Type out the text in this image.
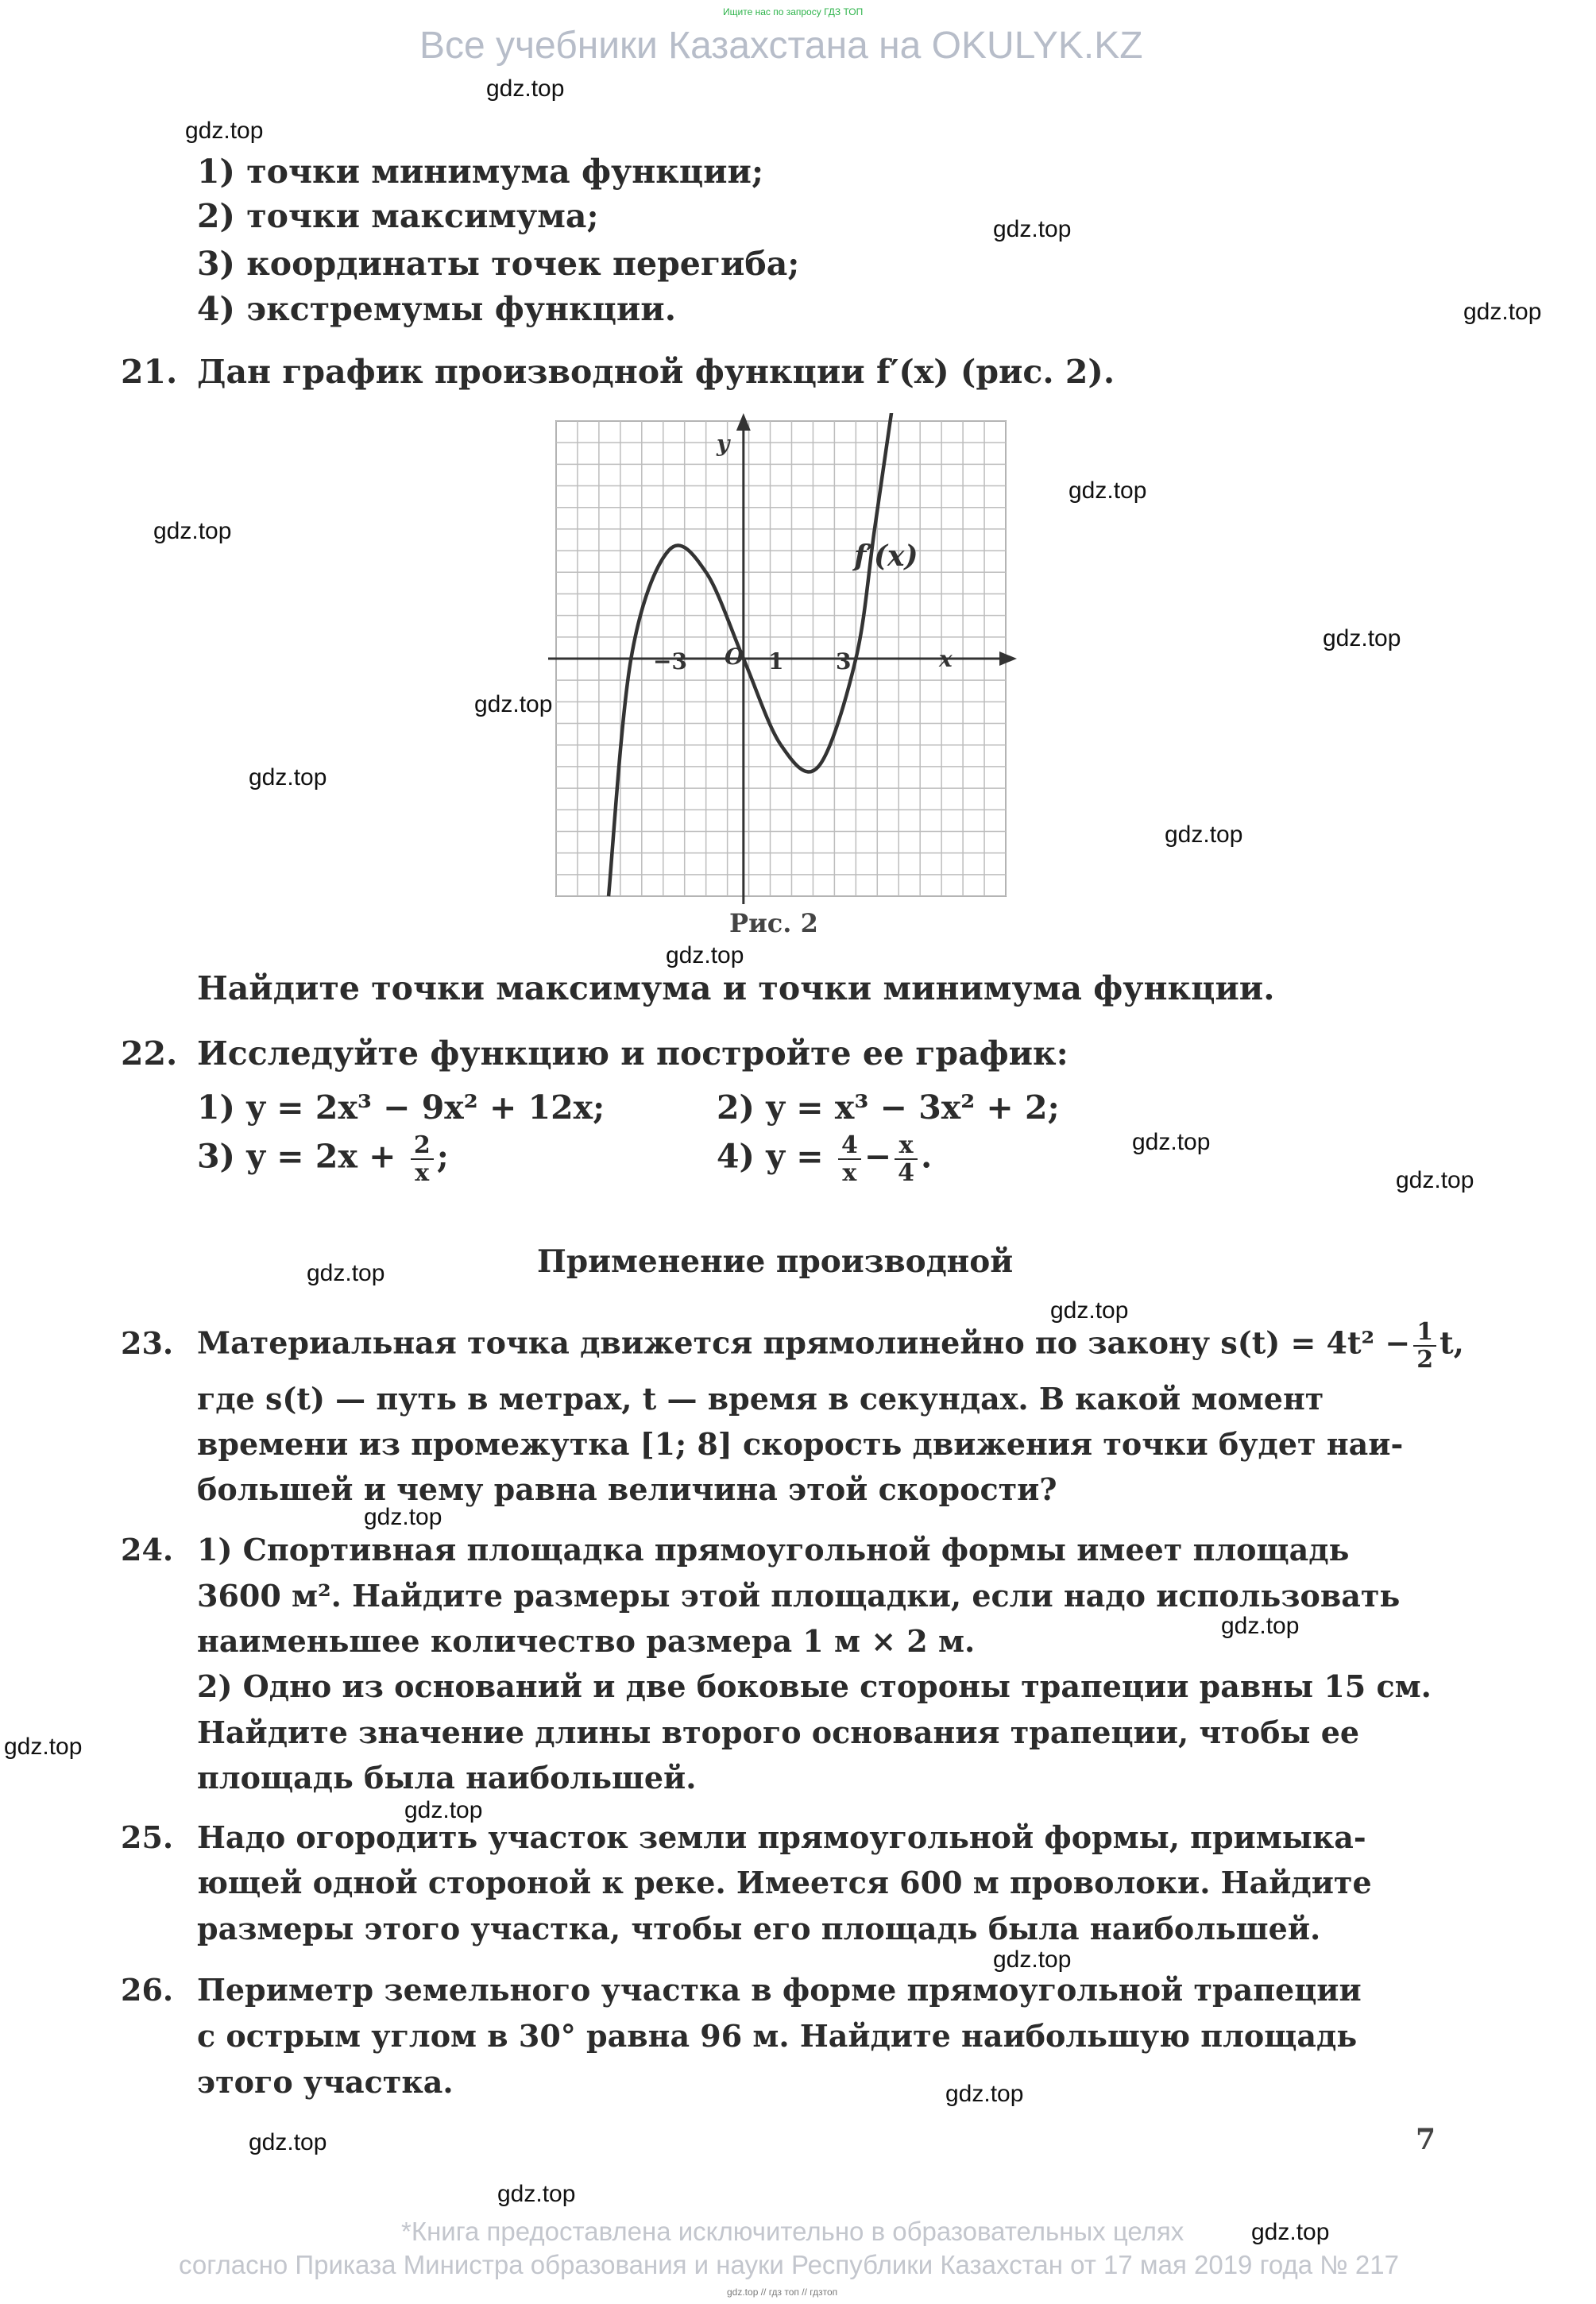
Ищите нас по запросу ГДЗ ТОП
Все учебники Казахстана на OKULYK.KZ
gdz.top
gdz.top
gdz.top
gdz.top
gdz.top
gdz.top
gdz.top
gdz.top
gdz.top
gdz.top
gdz.top
gdz.top
gdz.top
gdz.top
gdz.top
gdz.top
gdz.top
gdz.top
gdz.top
gdz.top
gdz.top
gdz.top
gdz.top
gdz.top
1) точки минимума функции;
2) точки максимума;
3) координаты точек перегиба;
4) экстремумы функции.
21. Дан график производной функции f′(x) (рис. 2).
y
x
O
−3	1 3
f′(x)
Рис. 2
Найдите точки максимума и точки минимума функции.
22. Исследуйте функцию и постройте ее график:
1) y = 2x³ − 9x² + 12x;	2) y = x³ − 3x² + 2;
3) $y = 2x + \frac{2}{x}$ ;	4) $y = \frac{4}{x} - \frac{x}{4}$ .
Применение производной
23. Материальная точка движется прямолинейно по закону $s(t) = 4t^2 - \frac{1}{2} t$,
где s(t) — путь в метрах, t — время в секундах. В какой момент
времени из промежутка [1; 8] скорость движения точки будет наи-
большей и чему равна величина этой скорости?
24. 1) Спортивная площадка прямоугольной формы имеет площадь
3600 м². Найдите размеры этой площадки, если надо использовать
наименьшее количество размера 1 м × 2 м.
2) Одно из оснований и две боковые стороны трапеции равны 15 см.
Найдите значение длины второго основания трапеции, чтобы ее
площадь была наибольшей.
25. Надо огородить участок земли прямоугольной формы, примыка-
ющей одной стороной к реке. Имеется 600 м проволоки. Найдите
размеры этого участка, чтобы его площадь была наибольшей.
26. Периметр земельного участка в форме прямоугольной трапеции
с острым углом в 30° равна 96 м. Найдите наибольшую площадь
этого участка.
7
*Книга предоставлена исключительно в образовательных целях
согласно Приказа Министра образования и науки Республики Казахстан от 17 мая 2019 года № 217
gdz.top // гдз топ // гдзтоп
